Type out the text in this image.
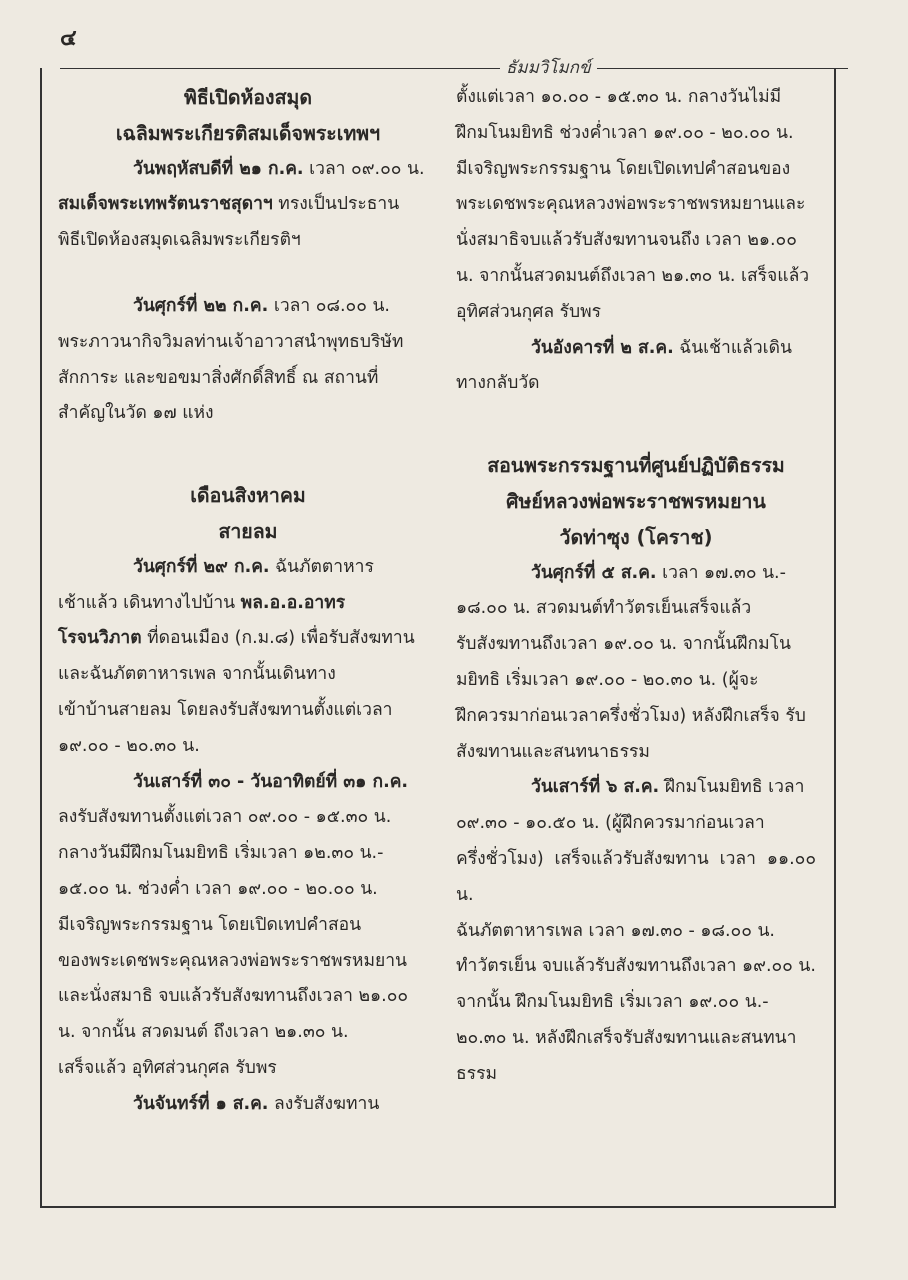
๔
ธัมมวิโมกข์

พิธีเปิดห้องสมุด

เฉลิมพระเกียรติสมเด็จพระเทพฯ

วันพฤหัสบดีที่ ๒๑ ก.ค. เวลา ๐๙.๐๐ น.

สมเด็จพระเทพรัตนราชสุดาฯ ทรงเป็นประธาน

พิธีเปิดห้องสมุดเฉลิมพระเกียรติฯ

วันศุกร์ที่ ๒๒ ก.ค. เวลา ๐๘.๐๐ น.

พระภาวนากิจวิมลท่านเจ้าอาวาสนำพุทธบริษัท

สักการะ และขอขมาสิ่งศักดิ์สิทธิ์ ณ สถานที่

สำคัญในวัด ๑๗ แห่ง

เดือนสิงหาคม

สายลม

วันศุกร์ที่ ๒๙ ก.ค. ฉันภัตตาหาร

เช้าแล้ว เดินทางไปบ้าน พล.อ.อ.อาทร

โรจนวิภาต ที่ดอนเมือง (ก.ม.๘) เพื่อรับสังฆทาน

และฉันภัตตาหารเพล จากนั้นเดินทาง

เข้าบ้านสายลม โดยลงรับสังฆทานตั้งแต่เวลา

๑๙.๐๐ - ๒๐.๓๐ น.

วันเสาร์ที่ ๓๐ - วันอาทิตย์ที่ ๓๑ ก.ค.

ลงรับสังฆทานตั้งแต่เวลา ๐๙.๐๐ - ๑๕.๓๐ น.

กลางวันมีฝึกมโนมยิทธิ เริ่มเวลา ๑๒.๓๐ น.-

๑๕.๐๐ น. ช่วงค่ำ เวลา ๑๙.๐๐ - ๒๐.๐๐ น.

มีเจริญพระกรรมฐาน โดยเปิดเทปคำสอน

ของพระเดชพระคุณหลวงพ่อพระราชพรหมยาน

และนั่งสมาธิ จบแล้วรับสังฆทานถึงเวลา ๒๑.๐๐

น. จากนั้น สวดมนต์ ถึงเวลา ๒๑.๓๐ น.

เสร็จแล้ว อุทิศส่วนกุศล รับพร

วันจันทร์ที่ ๑ ส.ค. ลงรับสังฆทาน

ตั้งแต่เวลา ๑๐.๐๐ - ๑๕.๓๐ น. กลางวันไม่มี

ฝึกมโนมยิทธิ ช่วงค่ำเวลา ๑๙.๐๐ - ๒๐.๐๐ น.

มีเจริญพระกรรมฐาน โดยเปิดเทปคำสอนของ

พระเดชพระคุณหลวงพ่อพระราชพรหมยานและ

นั่งสมาธิจบแล้วรับสังฆทานจนถึง เวลา ๒๑.๐๐

น. จากนั้นสวดมนต์ถึงเวลา ๒๑.๓๐ น. เสร็จแล้ว

อุทิศส่วนกุศล รับพร

วันอังคารที่ ๒ ส.ค. ฉันเช้าแล้วเดิน

ทางกลับวัด

สอนพระกรรมฐานที่ศูนย์ปฏิบัติธรรม

ศิษย์หลวงพ่อพระราชพรหมยาน

วัดท่าซุง (โคราช)

วันศุกร์ที่ ๕ ส.ค. เวลา ๑๗.๓๐ น.-

๑๘.๐๐ น. สวดมนต์ทำวัตรเย็นเสร็จแล้ว

รับสังฆทานถึงเวลา ๑๙.๐๐ น. จากนั้นฝึกมโน

มยิทธิ เริ่มเวลา ๑๙.๐๐ - ๒๐.๓๐ น. (ผู้จะ

ฝึกควรมาก่อนเวลาครึ่งชั่วโมง) หลังฝึกเสร็จ รับ

สังฆทานและสนทนาธรรม

วันเสาร์ที่ ๖ ส.ค. ฝึกมโนมยิทธิ เวลา

๐๙.๓๐ - ๑๐.๕๐ น. (ผู้ฝึกควรมาก่อนเวลา

ครึ่งชั่วโมง) เสร็จแล้วรับสังฆทาน เวลา ๑๑.๐๐ น.

ฉันภัตตาหารเพล เวลา ๑๗.๓๐ - ๑๘.๐๐ น.

ทำวัตรเย็น จบแล้วรับสังฆทานถึงเวลา ๑๙.๐๐ น.

จากนั้น ฝึกมโนมยิทธิ เริ่มเวลา ๑๙.๐๐ น.-

๒๐.๓๐ น. หลังฝึกเสร็จรับสังฆทานและสนทนา

ธรรม
